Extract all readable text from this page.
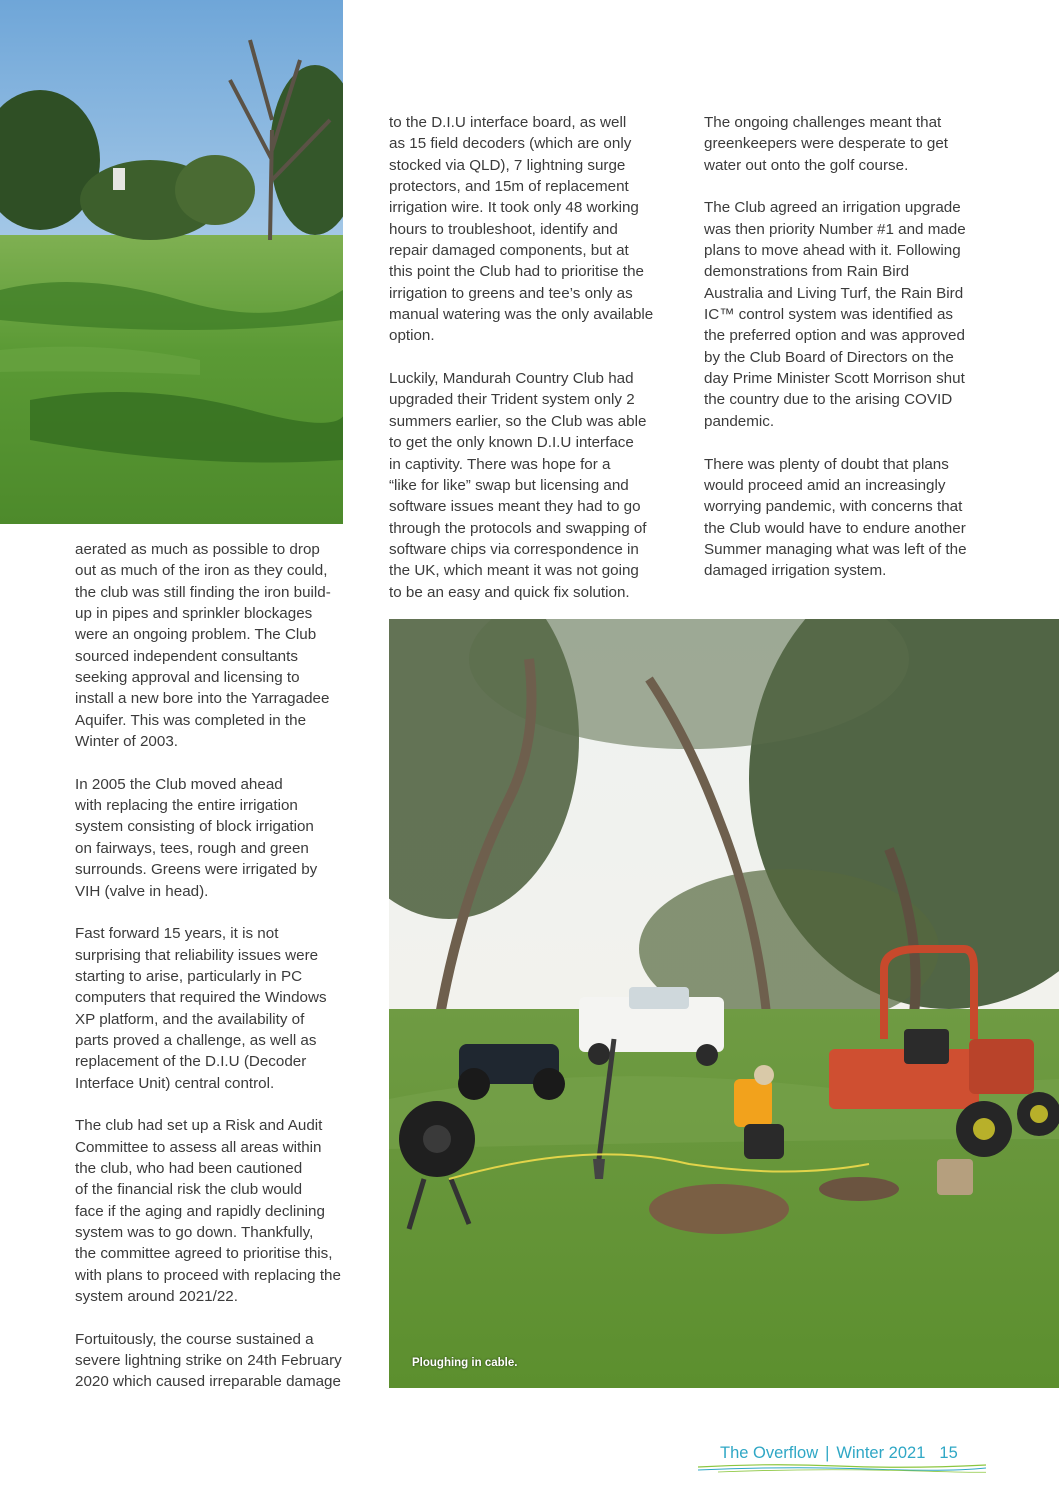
aerated as much as possible to drop
out as much of the iron as they could,
the club was still finding the iron build-
up in pipes and sprinkler blockages
were an ongoing problem. The Club
sourced independent consultants
seeking approval and licensing to
install a new bore into the Yarragadee
Aquifer. This was completed in the
Winter of 2003.

In 2005 the Club moved ahead
with replacing the entire irrigation
system consisting of block irrigation
on fairways, tees, rough and green
surrounds. Greens were irrigated by
VIH (valve in head).

Fast forward 15 years, it is not
surprising that reliability issues were
starting to arise, particularly in PC
computers that required the Windows
XP platform, and the availability of
parts proved a challenge, as well as
replacement of the D.I.U (Decoder
Interface Unit) central control.

The club had set up a Risk and Audit
Committee to assess all areas within
the club, who had been cautioned
of the financial risk the club would
face if the aging and rapidly declining
system was to go down. Thankfully,
the committee agreed to prioritise this,
with plans to proceed with replacing the
system around 2021/22.

Fortuitously, the course sustained a
severe lightning strike on 24th February
2020 which caused irreparable damage

to the D.I.U interface board, as well
as 15 field decoders (which are only
stocked via QLD), 7 lightning surge
protectors, and 15m of replacement
irrigation wire. It took only 48 working
hours to troubleshoot, identify and
repair damaged components, but at
this point the Club had to prioritise the
irrigation to greens and tee’s only as
manual watering was the only available
option.

Luckily, Mandurah Country Club had
upgraded their Trident system only 2
summers earlier, so the Club was able
to get the only known D.I.U interface
in captivity. There was hope for a
“like for like” swap but licensing and
software issues meant they had to go
through the protocols and swapping of
software chips via correspondence in
the UK, which meant it was not going
to be an easy and quick fix solution.

The ongoing challenges meant that
greenkeepers were desperate to get
water out onto the golf course.

The Club agreed an irrigation upgrade
was then priority Number #1 and made
plans to move ahead with it. Following
demonstrations from Rain Bird
Australia and Living Turf, the Rain Bird
IC™ control system was identified as
the preferred option and was approved
by the Club Board of Directors on the
day Prime Minister Scott Morrison shut
the country due to the arising COVID
pandemic.

There was plenty of doubt that plans
would proceed amid an increasingly
worrying pandemic, with concerns that
the Club would have to endure another
Summer managing what was left of the
damaged irrigation system.

Ploughing in cable.
The Overflow | Winter 2021 15
